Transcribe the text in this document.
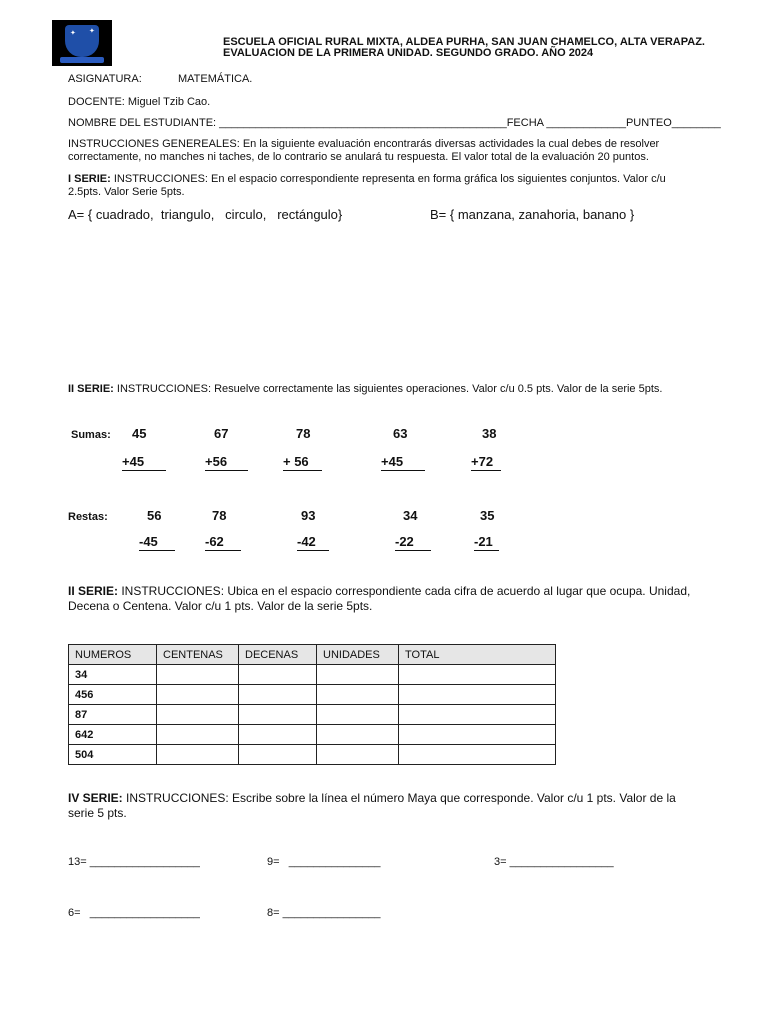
✦ ✦
ESCUELA OFICIAL RURAL MIXTA, ALDEA PURHA, SAN JUAN CHAMELCO, ALTA VERAPAZ.
EVALUACION DE LA PRIMERA UNIDAD. SEGUNDO GRADO. AÑO 2024
ASIGNATURA:	MATEMÁTICA.
DOCENTE: Miguel Tzib Cao.
NOMBRE DEL ESTUDIANTE: _______________________________________________FECHA _____________PUNTEO________
INSTRUCCIONES GENEREALES: En la siguiente evaluación encontrarás diversas actividades la cual debes de resolver
correctamente, no manches ni taches, de lo contrario se anulará tu respuesta. El valor total de la evaluación 20 puntos.
I SERIE: INSTRUCCIONES: En el espacio correspondiente representa en forma gráfica los siguientes conjuntos. Valor c/u
2.5pts. Valor Serie 5pts.
A= { cuadrado,  triangulo,   circulo,   rectángulo}	B= { manzana, zanahoria, banano }
II SERIE: INSTRUCCIONES: Resuelve correctamente las siguientes operaciones. Valor c/u 0.5 pts. Valor de la serie 5pts.
Sumas: 45	67	78	63	38
+45	+56	+ 56	+45	+72
Restas:	56	78	93	34	35
-45	-62	-42	-22	-21
II SERIE: INSTRUCCIONES: Ubica en el espacio correspondiente cada cifra de acuerdo al lugar que ocupa. Unidad,
Decena o Centena. Valor c/u 1 pts. Valor de la serie 5pts.
NUMEROS	CENTENAS	DECENAS	UNIDADES	TOTAL
34				
456				
87				
642				
504				
IV SERIE: INSTRUCCIONES: Escribe sobre la línea el número Maya que corresponde. Valor c/u 1 pts. Valor de la
serie 5 pts.
13= __________________	9=   _______________	3= _________________
6=   __________________	8= ________________
